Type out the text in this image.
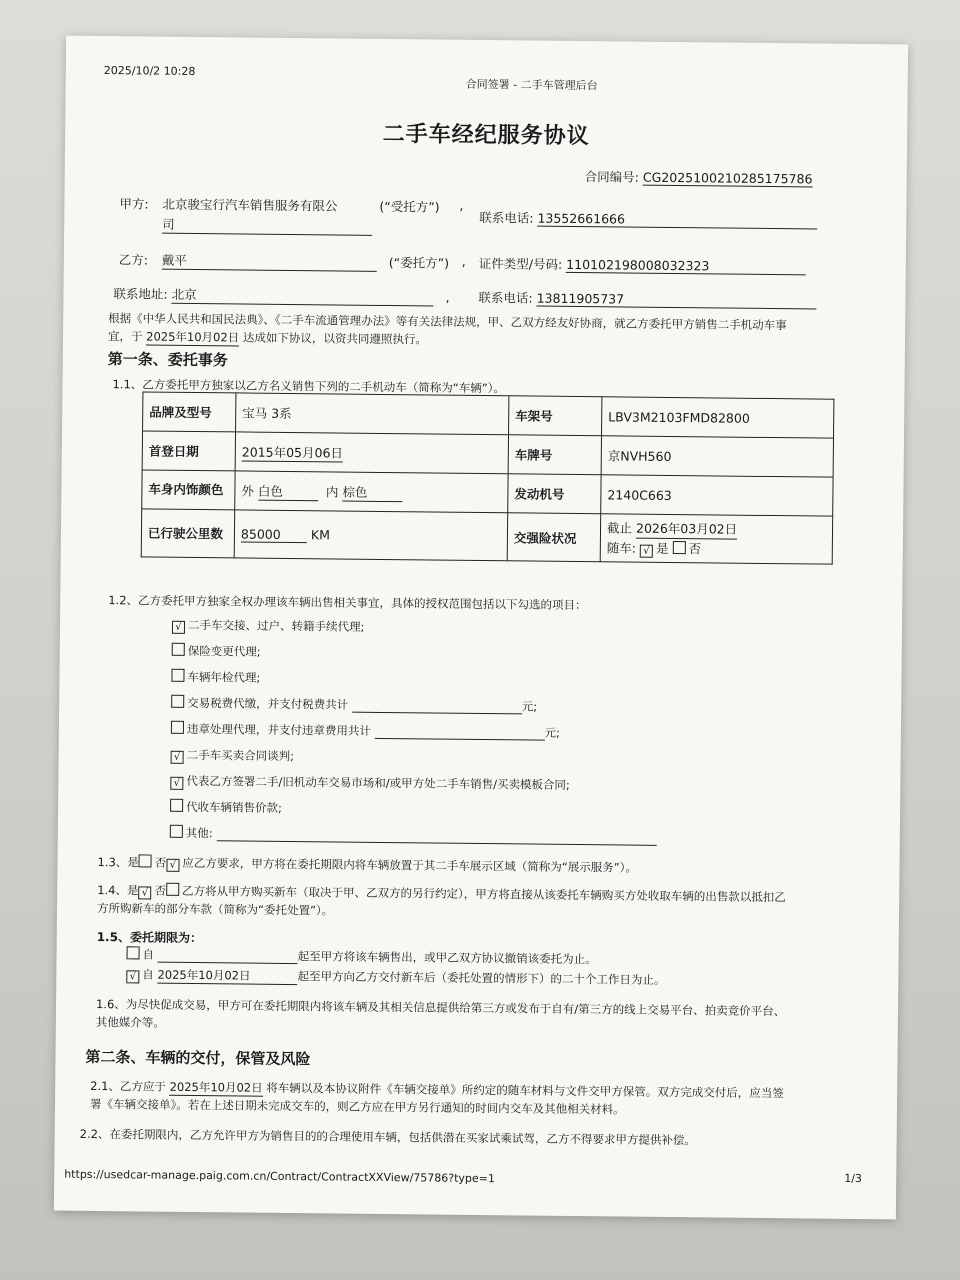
2025/10/2 10:28
合同签署 - 二手车管理后台
二手车经纪服务协议
合同编号: CG2025100210285175786
甲方: 北京骏宝行汽车销售服务有限公
司
(“受托方”) ,
联系电话: 13552661666
乙方: 戴平	(“委托方”) , 证件类型/号码: 110102198008032323
联系地址: 北京	, 联系电话: 13811905737
根据《中华人民共和国民法典》、《二手车流通管理办法》等有关法律法规，甲、乙双方经友好协商，就乙方委托甲方销售二手机动车事
宜，于 2025年10月02日 达成如下协议，以资共同遵照执行。
第一条、委托事务
1.1、乙方委托甲方独家以乙方名义销售下列的二手机动车（简称为“车辆”）。
品牌及型号	宝马 3系	车架号	LBV3M2103FMD82800
首登日期	2015年05月06日	车牌号	京NVH560
车身内饰颜色	外 白色 内 棕色	发动机号	2140C663
已行驶公里数	85000 KM	交强险状况	截止 2026年03月02日
随车: √ 是 否
1.2、乙方委托甲方独家全权办理该车辆出售相关事宜，具体的授权范围包括以下勾选的项目：
√ 二手车交接、过户、转籍手续代理;
保险变更代理;
车辆年检代理;
交易税费代缴，并支付税费共计	元;
违章处理代理，并支付违章费用共计	元;
√ 二手车买卖合同谈判;
√ 代表乙方签署二手/旧机动车交易市场和/或甲方处二手车销售/买卖模板合同;
代收车辆销售价款;
其他:
1.3、是 否 √ 应乙方要求，甲方将在委托期限内将车辆放置于其二手车展示区域（简称为“展示服务”）。
1.4、是 √ 否 乙方将从甲方购买新车（取决于甲、乙双方的另行约定），甲方将直接从该委托车辆购买方处收取车辆的出售款以抵扣乙
方所购新车的部分车款（简称为“委托处置”）。
1.5、委托期限为：
自	起至甲方将该车辆售出，或甲乙双方协议撤销该委托为止。
√ 自 2025年10月02日	起至甲方向乙方交付新车后（委托处置的情形下）的二十个工作日为止。
1.6、为尽快促成交易，甲方可在委托期限内将该车辆及其相关信息提供给第三方或发布于自有/第三方的线上交易平台、拍卖竞价平台、
其他媒介等。
第二条、车辆的交付，保管及风险
2.1、乙方应于 2025年10月02日 将车辆以及本协议附件《车辆交接单》所约定的随车材料与文件交甲方保管。双方完成交付后，应当签
署《车辆交接单》。若在上述日期未完成交车的，则乙方应在甲方另行通知的时间内交车及其他相关材料。
2.2、在委托期限内，乙方允许甲方为销售目的的合理使用车辆，包括供潜在买家试乘试驾，乙方不得要求甲方提供补偿。
https://usedcar-manage.paig.com.cn/Contract/ContractXXView/75786?type=1	1/3
